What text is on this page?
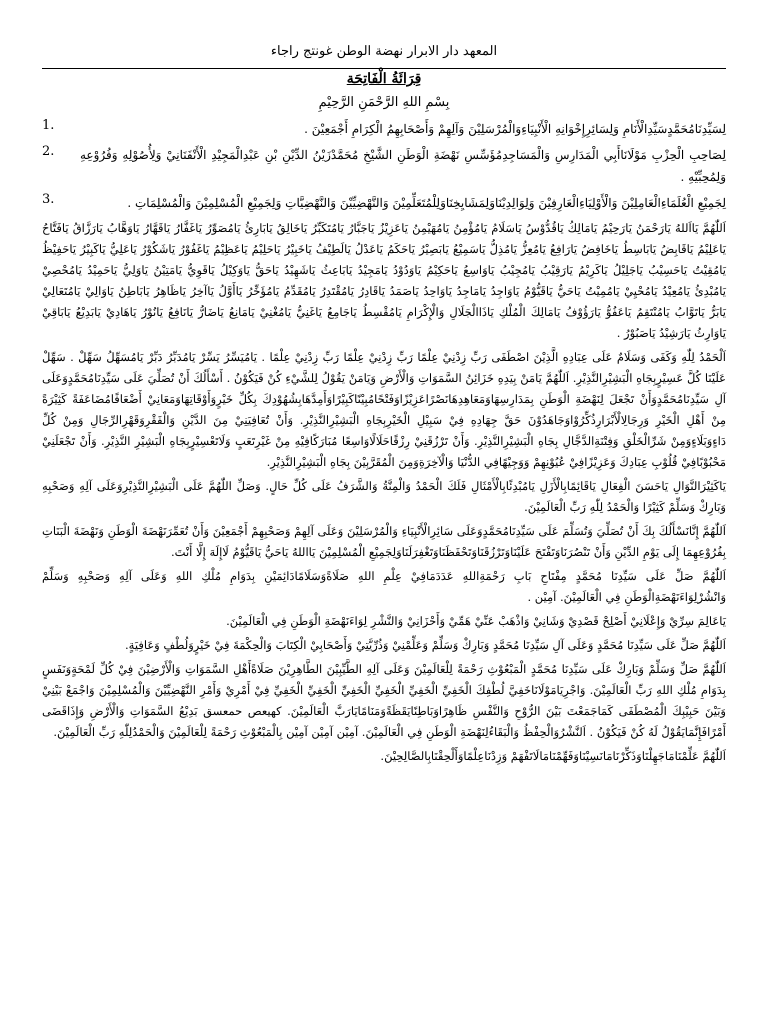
المعهد دار الابرار نهضة الوطن غونتج راجاء
قِرَائَةُ الْفَاتِحَة
بِسْمِ اللهِ الرَّحْمَنِ الرَّحِيْمِ
لِسَيِّدِنَامُحَمَّدٍسَيِّدِالْأَنَامِ وَلِسَائِرِإِخْوَانِهِ الْأَنْبِيَاءِوَالْمُرْسَلِيْنَ وَآلِهِمْ وَأَصْحَابِهِمُ الْكِرَامِ أَجْمَعِيْنَ .
1.
لِصَاحِبِ الْحِزْبِ مَوْلَانَاأَبِي الْمَدَارِسِ وَالْمَسَاجِدِمُؤَسِّسِ نَهْضَةِ الْوَطَنِ الشَّيْخِ مُحَمَّدْزَيْنُ الدِّيْنِ بْنِ عَبْدِالْمَجِيْدِ الْأَنْفَنَانِيْ وَلِأُصُوْلِهِ وَفُرُوْعِهِ وَلِمُحِبِّيْهِ .
2.
لِجَمِيْعِ الْعُلَمَاءِالْعَامِلِيْنَ وَالْأَوْلِيَاءِالْعَارِفِيْنَ وَلِوَالِدِيْنَاوَلِمَشَايِخِنَاوَلِلْمُتَعَلِّمِيْنَ وَالنَّهْضِيِّيْنَ وَالنَّهْضِيَّاتِ وَلِجَمِيْعِ الْمُسْلِمِيْنَ وَالْمُسْلِمَاتِ .
3.

اَللّٰهُمَّ يَااَللهُ يَارَحْمَنُ يَارَحِيْمُ يَامَالِكُ يَاقُدُّوْسُ يَاسَلَامُ يَامُؤْمِنُ يَامُهَيْمِنُ يَاعَزِيْزُ يَاجَبَّارُ يَامُتَكَبِّرُ يَاخَالِقُ يَابَارِئُ يَامُصَوِّرُ يَاغَفَّارُ يَاقَهَّارُ يَاوَهَّابُ يَارَزَّاقُ يَافَتَّاحُ يَاعَلِيْمُ يَاقَابِضُ يَابَاسِطُ يَاخَافِضُ يَارَافِعُ يَامُعِزُّ يَامُذِلُّ يَاسَمِيْعُ يَابَصِيْرُ يَاحَكَمُ يَاعَدْلُ يَالَطِيْفُ يَاخَبِيْرُ يَاحَلِيْمُ يَاعَظِيْمُ يَاغَفُوْرُ يَاشَكُوْرُ يَاعَلِيُّ يَاكَبِيْرُ يَاحَفِيْظُ يَامُقِيْتُ يَاحَسِيْبُ يَاجَلِيْلُ يَاكَرِيْمُ يَارَقِيْبُ يَامُجِيْبُ يَاوَاسِعُ يَاحَكِيْمُ يَاوَدُوْدُ يَامَجِيْدُ يَابَاعِثُ يَاشَهِيْدُ يَاحَقُّ يَاوَكِيْلُ يَاقَوِيُّ يَامَتِيْنُ يَاوَلِيُّ يَاحَمِيْدُ يَامُحْصِيْ يَامُبْدِئُ يَامُعِيْدُ يَامُحْيِيْ يَامُمِيْتُ يَاحَيُّ يَاقَيُّوْمُ يَاوَاجِدُ يَامَاجِدُ يَاوَاحِدُ يَاصَمَدُ يَاقَادِرُ يَامُقْتَدِرُ يَامُقَدِّمُ يَامُؤَخِّرُ يَاأَوَّلُ يَاآخِرُ يَاظَاهِرُ يَابَاطِنُ يَاوَالِيْ يَامُتَعَالِيْ يَابَرُّ يَاتَوَّابُ يَامُنْتَقِمُ يَاعَفُوُّ يَارَؤُوْفُ يَامَالِكَ الْمُلْكِ يَاذَاالْجَلَالِ وَالْإِكْرَامِ يَامُقْسِطُ يَاجَامِعُ يَاغَنِيُّ يَامُغْنِيْ يَامَانِعُ يَاضَارُّ يَانَافِعُ يَانُوْرُ يَاهَادِيْ يَابَدِيْعُ يَابَاقِيْ يَاوَارِثُ يَارَشِيْدُ يَاصَبُوْرُ .

اَلْحَمْدُ لِلّٰهِ وَكَفَى وَسَلَامٌ عَلَى عِبَادِهِ الَّذِيْنَ اصْطَفَى رَبِّ زِدْنِيْ عِلْمًا رَبِّ زِدْنِيْ عِلْمًا رَبِّ زِدْنِيْ عِلْمًا . يَامُيَسِّرُ يَسِّرْ يَامُدَبِّرُ دَبِّرْ يَامُسَهِّلُ سَهِّلْ . سَهِّلْ عَلَيْنَا كُلَّ عَسِيْرٍبِجَاهِ الْبَشِيْرِالنَّذِيْرِ. اَللّٰهُمَّ يَامَنْ بِيَدِهِ خَزَائِنُ السَّمَوَاتِ وَالْأَرْضِ وَيَامَنْ يَقُوْلُ لِلشَّيْءِ كُنْ فَيَكُوْنُ . أَسْأَلُكَ أَنْ تُصَلِّيَ عَلَى سَيِّدِنَامُحَمَّدٍوَعَلَى آلِ سَيِّدِنَامُحَمَّدٍوَأَنْ تَجْعَلَ لِنَهْضَةِ الْوَطَنِ بِمَدَارِسِهَاوَمَعَاهِدِهَانَصْرًاعَزِيْزًاوَفَتْحًامُبِيْنًاكَبِيْرًاوَأَمِدَّهَابِشُهُوْدِكَ بِكُلِّ خَيْرٍوَأَوْقَاتِهَاوَمَعَانِيْ أَضْعَافًامُضَاعَفَةً كَثِيْرَةً مِنْ أَهْلِ الْخَيْرِ وَرِجَالِالْأَبْرَارِذُكِّرُوْاوَجَاهَدُوْنَ حَقَّ جِهَادِهِ فِيْ سَبِيْلِ الْخَيْرِبِجَاهِ الْبَشِيْرِالنَّذِيْرِ. وَأَنْ تُعَافِيَنِيْ مِنَ الدَّيْنِ وَالْفَقْرِوَقَهْرِالرِّجَالِ وَمِنْ كُلِّ دَاءٍوَبَلَاءٍوَمِنْ شَرِّالْخَلْقِ وَفِتْنَةِالدَّجَّالِ بِجَاهِ الْبَشِيْرِالنَّذِيْرِ. وَأَنْ تَرْزُقَنِيْ رِزْقًاحَلَالًاوَاسِعًا مُبَارَكًافِيْهِ مِنْ غَيْرِتَعَبٍ وَلَاتَعْسِيْرٍبِجَاهِ الْبَشِيْرِ النَّذِيْرِ. وَأَنْ تَجْعَلَنِيْ مَحْبُوْبًافِيْ قُلُوْبِ عِبَادِكَ وَعَزِيْزًافِيْ عُيُوْنِهِمْ وَوَجِيْهًافِي الدُّنْيَا وَالْآخِرَةِوَمِنَ الْمُقَرَّبِيْنَ بِجَاهِ الْبَشِيْرِالنَّذِيْرِ.

يَاكَثِيْرَالنَّوَالِ يَاحَسَنَ الْفِعَالِ يَاقَائِمًابِالْأَزَلِ يَامُبْدِئًابِالْأَمْثَالِ فَلَكَ الْحَمْدُ وَالْمِنَّةُ وَالشَّرَفُ عَلَى كُلِّ حَالٍ. وَصَلِّ اللّٰهُمَّ عَلَى الْبَشِيْرِالنَّذِيْرِوَعَلَى آلِهِ وَصَحْبِهِ وَبَارِكْ وَسَلِّمْ كَثِيْرًا وَالْحَمْدُ لِلّٰهِ رَبِّ الْعَالَمِيْنَ.

اَللّٰهُمَّ إِنَّانَسْأَلُكَ بِكَ أَنْ تُصَلِّيَ وَتُسَلِّمَ عَلَى سَيِّدِنَامُحَمَّدٍوَعَلَى سَائِرِالْأَنْبِيَاءِ وَالْمُرْسَلِيْنَ وَعَلَى آلِهِمْ وَصَحْبِهِمْ أَجْمَعِيْنَ وَأَنْ تُعَمِّرَنَهْضَةَ الْوَطَنِ وَنَهْضَةَ الْبَنَاتِ بِفُرُوْعِهِمَا إِلَى يَوْمِ الدِّيْنِ وَأَنْ تَنْصُرَنَاوَتَفْتَحَ عَلَيْنَاوَتَرْزُقَنَاوَتَحْفَظَنَاوَتَغْفِرَلَنَاوَلِجَمِيْعِ الْمُسْلِمِيْنَ يَااللهُ يَاحَيُّ يَاقَيُّوْمُ لَاإِلَهَ إِلَّا أَنْتَ.

اَللّٰهُمَّ صَلِّ عَلَى سَيِّدِنَا مُحَمَّدٍ مِفْتَاحِ بَابِ رَحْمَةِاللهِ عَدَدَمَافِيْ عِلْمِ اللهِ صَلَاةًوَسَلَامًادَائِمَيْنِ بِدَوَامِ مُلْكِ اللهِ وَعَلَى آلِهِ وَصَحْبِهِ وَسَلِّمْ وَانْشُرْلِوَاءَنَهْضَةِالْوَطَنِ فِي الْعَالَمِيْنَ. آمِيْن .

يَاعَالِمَ سِرِّيْ وَإِعْلَانِيْ أَصْلِحْ قَصْدِيْ وَشَانِيْ وَاذْهَبْ عَنِّيْ هَمِّيْ وَأَحْزَانِيْ وَالنَّشْرِ لِوَاءَنَهْضَةِ الْوَطَنِ فِي الْعَالَمِيْنَ.

اَللّٰهُمَّ صَلِّ عَلَى سَيِّدِنَا مُحَمَّدٍ وَعَلَى آلِ سَيِّدِنَا مُحَمَّدٍ وَبَارِكْ وَسَلِّمْ وَعَلِّمْنِيْ وَذُرِّيَّتِيْ وَأَصْحَابِيْ الْكِتَابَ وَالْحِكْمَةَ فِيْ خَيْرٍوَلُطْفٍ وَعَافِيَةٍ.

اَللّٰهُمَّ صَلِّ وَسَلِّمْ وَبَارِكْ عَلَى سَيِّدِنَا مُحَمَّدٍ الْمَبْعُوْثِ رَحْمَةً لِلْعَالَمِيْنَ وَعَلَى آلِهِ الطَّيِّبِيْنَ الطَّاهِرِيْنَ صَلَاةًأَهْلِ السَّمَوَاتِ وَالْأَرْضِيْنَ فِيْ كُلِّ لَمْحَةٍوَنَفَسٍ بِدَوَامِ مُلْكِ اللهِ رَبِّ الْعَالَمِيْنَ. وَاجْرِيَامَوْلَانَاخَفِيَّ لُطْفِكَ الْخَفِيِّ الْخَفِيِّ الْخَفِيِّ الْخَفِيِّ الْخَفِيِّ الْخَفِيِّ فِيْ أَمْرِيْ وَأَمْرِ النَّهْضِيِّيْنَ وَالْمُسْلِمِيْنَ وَاجْمَعْ بَيْنِيْ وَبَيْنَ حَبِيْبِكَ الْمُصْطَفَى كَمَاجَمَعْتَ بَيْنَ الرُّوْحِ وَالنَّفْسِ ظَاهِرًاوَبَاطِنًايَقَظَةًوَمَنَامًايَارَبَّ الْعَالَمِيْنَ. كهيعص حمعسق بَدِيْعُ السَّمَوَاتِ وَالْأَرْضِ وَإِذَاقَضَى أَمْرًافَإِنَّمَايَقُوْلُ لَهُ كُنْ فَيَكُوْنُ . اَلنَّشْرُوَالْحِفْظُ وَالْبَقَاءُلِنَهْضَةِ الْوَطَنِ فِي الْعَالَمِيْنَ. آمِيْن آمِيْن آمِيْن بِالْمَبْعُوْثِ رَحْمَةً لِلْعَالَمِيْنَ وَالْحَمْدُلِلّٰهِ رَبِّ الْعَالَمِيْنَ.

اَللّٰهُمَّ عَلِّمْنَامَاجَهِلْنَاوَذَكِّرْنَامَانَسِيْنَاوَفَهِّمْنَامَالَاتَفْهَمْ وَزِدْنَاعِلْمًاوَأَلْحِقْنَابِالصَّالِحِيْنَ.
